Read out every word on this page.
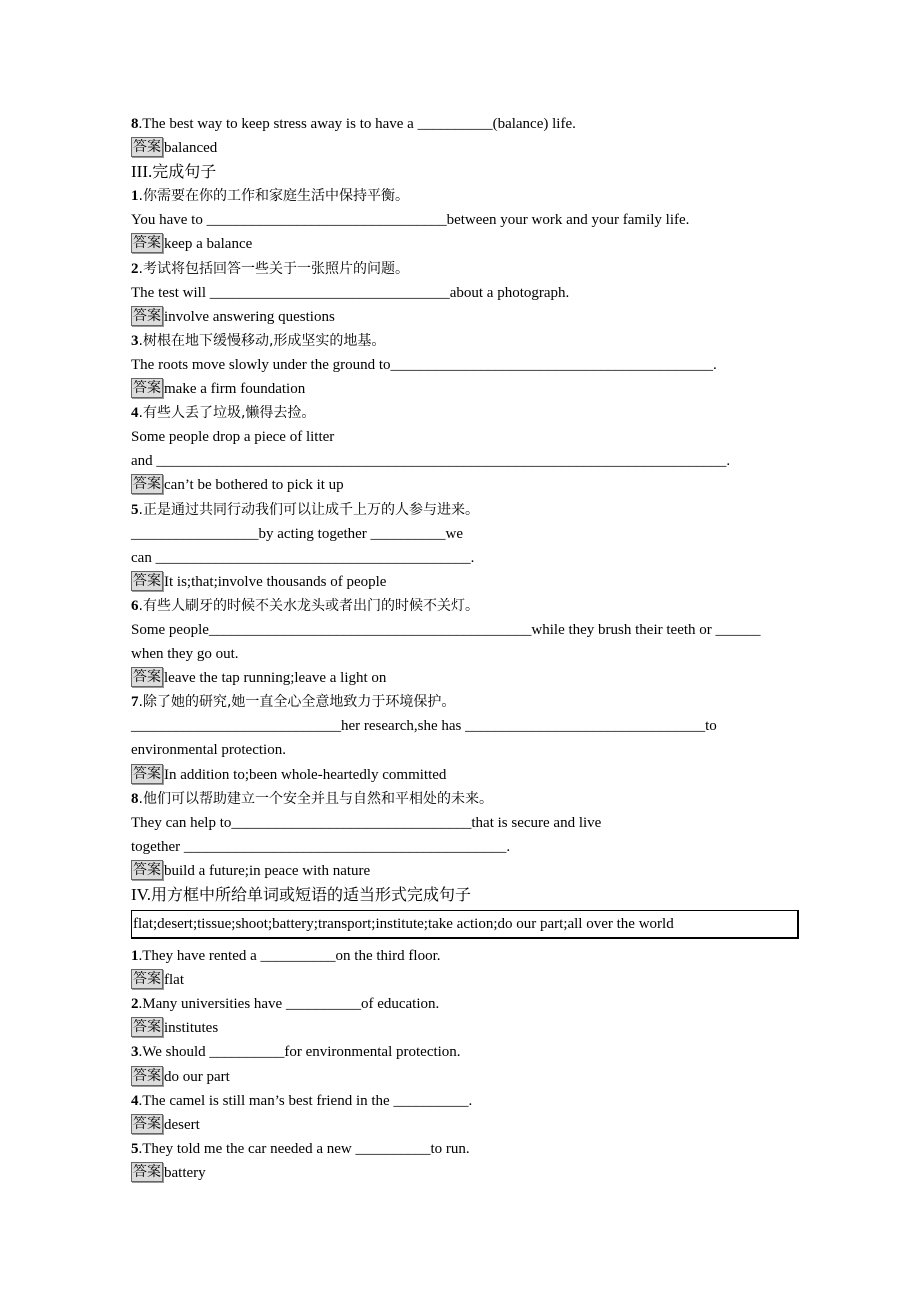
8.The best way to keep stress away is to have a __________(balance) life.
答案 balanced
III.完成句子
1.你需要在你的工作和家庭生活中保持平衡。
You have to ________________________________between your work and your family life.
答案 keep a balance
2.考试将包括回答一些关于一张照片的问题。
The test will ________________________________about a photograph.
答案 involve answering questions
3.树根在地下缓慢移动,形成坚实的地基。
The roots move slowly under the ground to___________________________________________.
答案 make a firm foundation
4.有些人丢了垃圾,懒得去捡。
Some people drop a piece of litter
and ____________________________________________________________________________.
答案 can’t be bothered to pick it up
5.正是通过共同行动我们可以让成千上万的人参与进来。
_________________by acting together __________we
can __________________________________________.
答案 It is;that;involve thousands of people
6.有些人刷牙的时候不关水龙头或者出门的时候不关灯。
Some people___________________________________________while they brush their teeth or ______
when they go out.
答案 leave the tap running;leave a light on
7.除了她的研究,她一直全心全意地致力于环境保护。
____________________________her research,she has ________________________________to
environmental protection.
答案 In addition to;been whole-heartedly committed
8.他们可以帮助建立一个安全并且与自然和平相处的未来。
They can help to________________________________that is secure and live
together ___________________________________________.
答案 build a future;in peace with nature
IV.用方框中所给单词或短语的适当形式完成句子
flat;desert;tissue;shoot;battery;transport;institute;take action;do our part;all over the world
1.They have rented a __________on the third floor.
答案 flat
2.Many universities have __________of education.
答案 institutes
3.We should __________for environmental protection.
答案 do our part
4.The camel is still man’s best friend in the __________.
答案 desert
5.They told me the car needed a new __________to run.
答案 battery
